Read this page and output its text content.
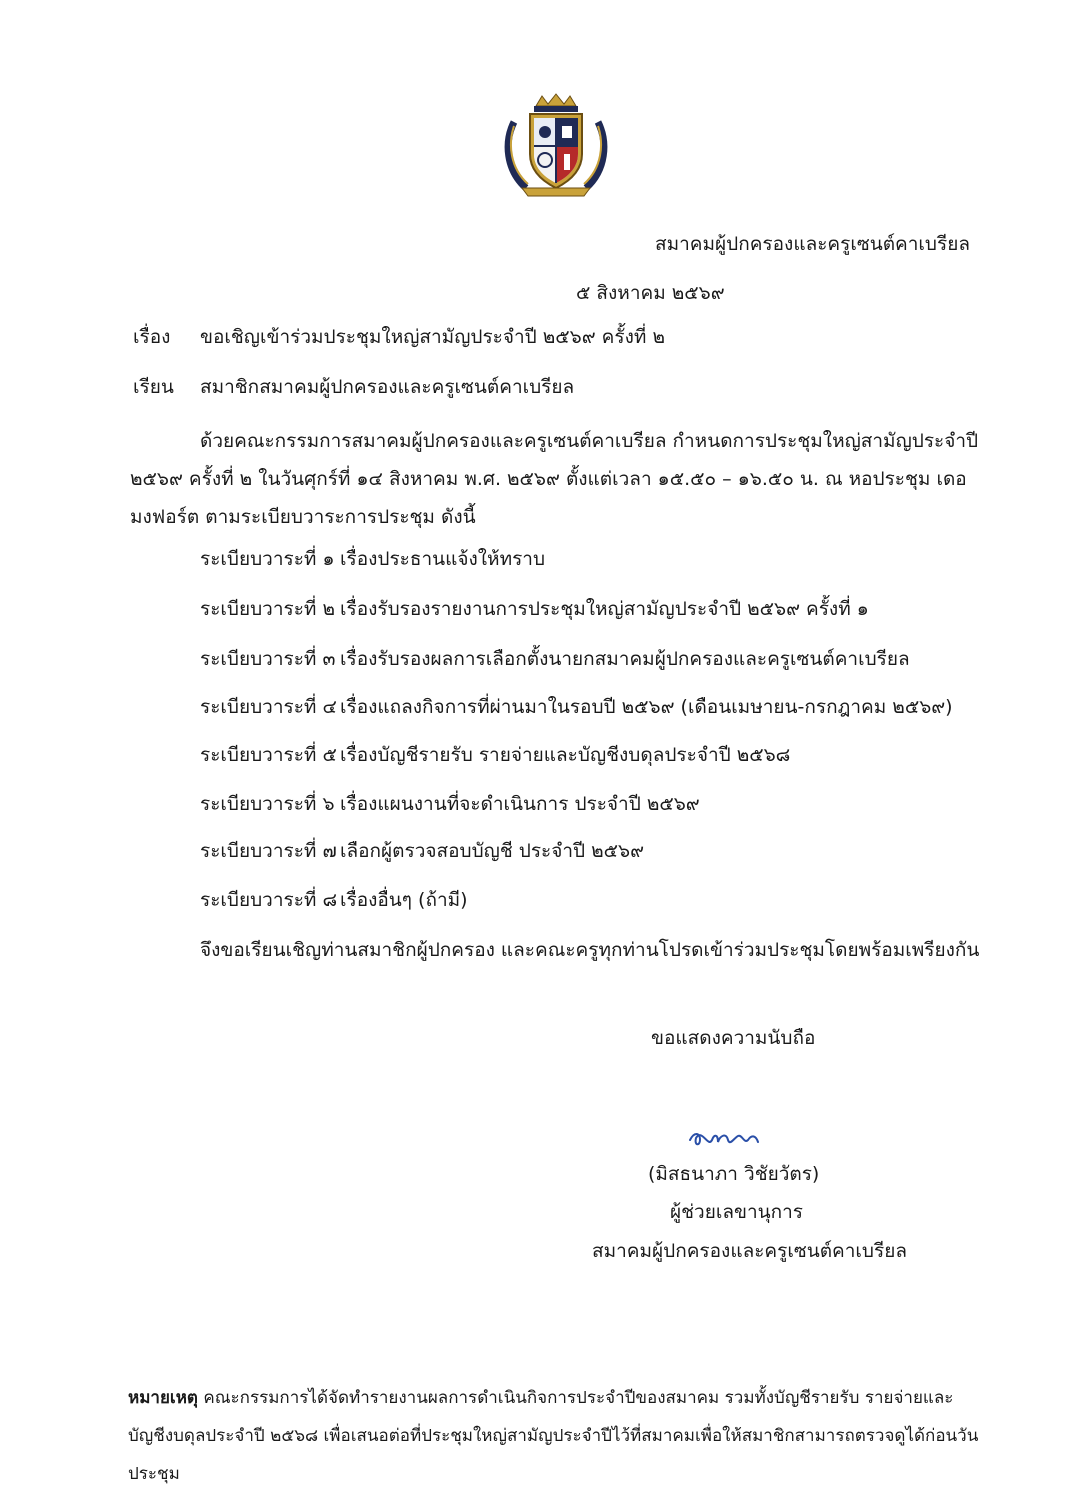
สมาคมผู้ปกครองและครูเซนต์คาเบรียล
๕ สิงหาคม ๒๕๖๙
เรื่อง ขอเชิญเข้าร่วมประชุมใหญ่สามัญประจำปี ๒๕๖๙ ครั้งที่ ๒
เรียน สมาชิกสมาคมผู้ปกครองและครูเซนต์คาเบรียล
ด้วยคณะกรรมการสมาคมผู้ปกครองและครูเซนต์คาเบรียล กำหนดการประชุมใหญ่สามัญประจำปี ๒๕๖๙ ครั้งที่ ๒ ในวันศุกร์ที่ ๑๔ สิงหาคม พ.ศ. ๒๕๖๙ ตั้งแต่เวลา ๑๕.๕๐ – ๑๖.๕๐ น. ณ หอประชุม เดอ มงฟอร์ต ตามระเบียบวาระการประชุม ดังนี้
ระเบียบวาระที่ ๑ เรื่องประธานแจ้งให้ทราบ
ระเบียบวาระที่ ๒ เรื่องรับรองรายงานการประชุมใหญ่สามัญประจำปี ๒๕๖๙ ครั้งที่ ๑
ระเบียบวาระที่ ๓ เรื่องรับรองผลการเลือกตั้งนายกสมาคมผู้ปกครองและครูเซนต์คาเบรียล
ระเบียบวาระที่ ๔ เรื่องแถลงกิจการที่ผ่านมาในรอบปี ๒๕๖๙ (เดือนเมษายน-กรกฎาคม ๒๕๖๙)
ระเบียบวาระที่ ๕ เรื่องบัญชีรายรับ รายจ่ายและบัญชีงบดุลประจำปี ๒๕๖๘
ระเบียบวาระที่ ๖ เรื่องแผนงานที่จะดำเนินการ ประจำปี ๒๕๖๙
ระเบียบวาระที่ ๗ เลือกผู้ตรวจสอบบัญชี ประจำปี ๒๕๖๙
ระเบียบวาระที่ ๘ เรื่องอื่นๆ (ถ้ามี)
จึงขอเรียนเชิญท่านสมาชิกผู้ปกครอง และคณะครูทุกท่านโปรดเข้าร่วมประชุมโดยพร้อมเพรียงกัน
ขอแสดงความนับถือ
(มิสธนาภา วิชัยวัตร)
ผู้ช่วยเลขานุการ
สมาคมผู้ปกครองและครูเซนต์คาเบรียล
หมายเหตุ คณะกรรมการได้จัดทำรายงานผลการดำเนินกิจการประจำปีของสมาคม รวมทั้งบัญชีรายรับ รายจ่ายและบัญชีงบดุลประจำปี ๒๕๖๘ เพื่อเสนอต่อที่ประชุมใหญ่สามัญประจำปีไว้ที่สมาคมเพื่อให้สมาชิกสามารถตรวจดูได้ก่อนวันประชุม
